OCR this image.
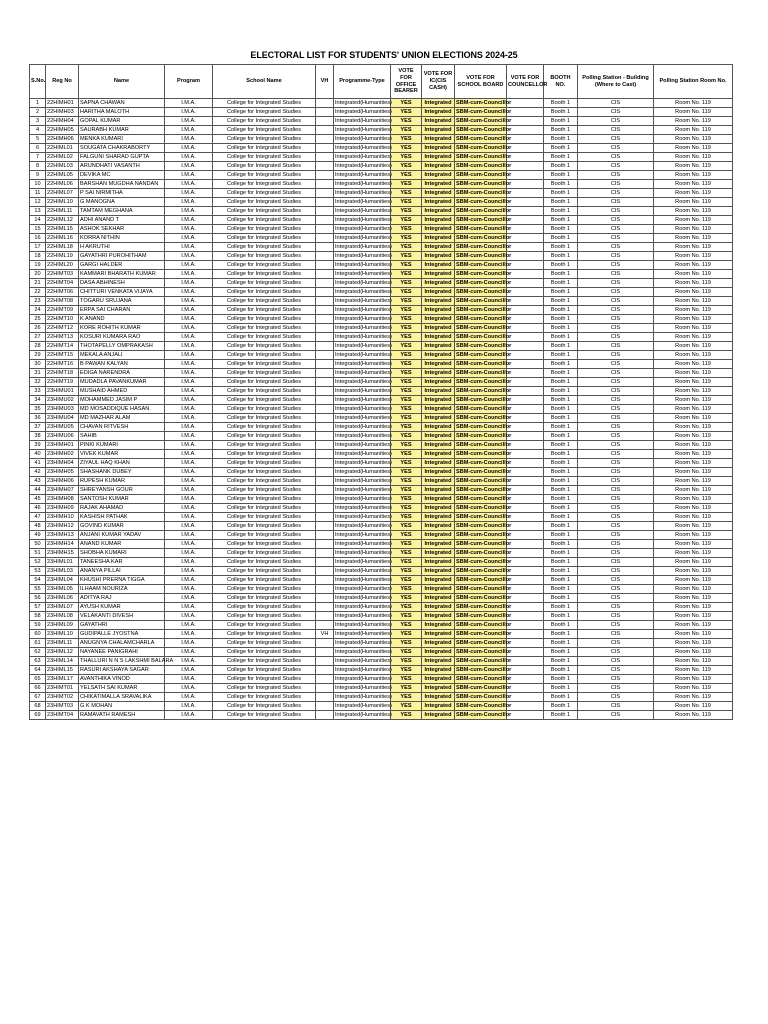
ELECTORAL LIST FOR STUDENTS' UNION ELECTIONS 2024-25
S.No.	Reg No	Name	Program	School Name	VH	Programme-Type	VOTE FOR OFFICE BEARER	VOTE FOR IC(CIS CASH)	VOTE FOR SCHOOL BOARD	VOTE FOR COUNCELLOR	BOOTH NO.	Polling Station - Building (Where to Cast)	Polling Station Room No.
1	22HIMH01	SAPNA CHAWAN	I.M.A.	College for Integrated Studies		Integrated(Humanities)	YES	Integrated	SBM-cum-Councillor		Booth 1	CIS	Room No. 119
2	22HIMH03	HARITHA MALOTH	I.M.A.	College for Integrated Studies		Integrated(Humanities)	YES	Integrated	SBM-cum-Councillor		Booth 1	CIS	Room No. 119
3	22HIMH04	GOPAL KUMAR	I.M.A.	College for Integrated Studies		Integrated(Humanities)	YES	Integrated	SBM-cum-Councillor		Booth 1	CIS	Room No. 119
4	22HIMH05	SAURABH KUMAR	I.M.A.	College for Integrated Studies		Integrated(Humanities)	YES	Integrated	SBM-cum-Councillor		Booth 1	CIS	Room No. 119
5	22HIMH06	MENKA KUMARI	I.M.A.	College for Integrated Studies		Integrated(Humanities)	YES	Integrated	SBM-cum-Councillor		Booth 1	CIS	Room No. 119
6	22HIML01	SOUGATA CHAKRABORTY	I.M.A.	College for Integrated Studies		Integrated(Humanities)	YES	Integrated	SBM-cum-Councillor		Booth 1	CIS	Room No. 119
7	22HIML02	FALGUNI SHARAD GUPTA	I.M.A.	College for Integrated Studies		Integrated(Humanities)	YES	Integrated	SBM-cum-Councillor		Booth 1	CIS	Room No. 119
8	22HIML03	ARUNDHATI VASANTH	I.M.A.	College for Integrated Studies		Integrated(Humanities)	YES	Integrated	SBM-cum-Councillor		Booth 1	CIS	Room No. 119
9	22HIML05	DEVIKA MC	I.M.A.	College for Integrated Studies		Integrated(Humanities)	YES	Integrated	SBM-cum-Councillor		Booth 1	CIS	Room No. 119
10	22HIML06	BARSHAN MUGDHA NANDAN	I.M.A.	College for Integrated Studies		Integrated(Humanities)	YES	Integrated	SBM-cum-Councillor		Booth 1	CIS	Room No. 119
11	22HIML07	P SAI NIRMITHA	I.M.A.	College for Integrated Studies		Integrated(Humanities)	YES	Integrated	SBM-cum-Councillor		Booth 1	CIS	Room No. 119
12	22HIML10	G MANOGNA	I.M.A.	College for Integrated Studies		Integrated(Humanities)	YES	Integrated	SBM-cum-Councillor		Booth 1	CIS	Room No. 119
13	22HIML11	TAMTAM MEGHANA	I.M.A.	College for Integrated Studies		Integrated(Humanities)	YES	Integrated	SBM-cum-Councillor		Booth 1	CIS	Room No. 119
14	22HIML12	ADHI ANAND T	I.M.A.	College for Integrated Studies		Integrated(Humanities)	YES	Integrated	SBM-cum-Councillor		Booth 1	CIS	Room No. 119
15	22HIML15	ASHOK SEKHAR	I.M.A.	College for Integrated Studies		Integrated(Humanities)	YES	Integrated	SBM-cum-Councillor		Booth 1	CIS	Room No. 119
16	22HIML16	KORRA NITHIN	I.M.A.	College for Integrated Studies		Integrated(Humanities)	YES	Integrated	SBM-cum-Councillor		Booth 1	CIS	Room No. 119
17	22HIML18	H AKRUTHI	I.M.A.	College for Integrated Studies		Integrated(Humanities)	YES	Integrated	SBM-cum-Councillor		Booth 1	CIS	Room No. 119
18	22HIML19	GAYATHRI PUROHITHAM	I.M.A.	College for Integrated Studies		Integrated(Humanities)	YES	Integrated	SBM-cum-Councillor		Booth 1	CIS	Room No. 119
19	22HIML20	GARGI HALDER	I.M.A.	College for Integrated Studies		Integrated(Humanities)	YES	Integrated	SBM-cum-Councillor		Booth 1	CIS	Room No. 119
20	22HIMT03	KAMMARI BHARATH KUMAR	I.M.A.	College for Integrated Studies		Integrated(Humanities)	YES	Integrated	SBM-cum-Councillor		Booth 1	CIS	Room No. 119
21	22HIMT04	DASA ABHINESH	I.M.A.	College for Integrated Studies		Integrated(Humanities)	YES	Integrated	SBM-cum-Councillor		Booth 1	CIS	Room No. 119
22	22HIMT06	CHITTURI VENKATA VIJAYA	I.M.A.	College for Integrated Studies		Integrated(Humanities)	YES	Integrated	SBM-cum-Councillor		Booth 1	CIS	Room No. 119
23	22HIMT08	TOGARU SRUJANA	I.M.A.	College for Integrated Studies		Integrated(Humanities)	YES	Integrated	SBM-cum-Councillor		Booth 1	CIS	Room No. 119
24	22HIMT09	ERPA SAI CHARAN	I.M.A.	College for Integrated Studies		Integrated(Humanities)	YES	Integrated	SBM-cum-Councillor		Booth 1	CIS	Room No. 119
25	22HIMT10	K ANAND	I.M.A.	College for Integrated Studies		Integrated(Humanities)	YES	Integrated	SBM-cum-Councillor		Booth 1	CIS	Room No. 119
26	22HIMT12	KORE ROHITH KUMAR	I.M.A.	College for Integrated Studies		Integrated(Humanities)	YES	Integrated	SBM-cum-Councillor		Booth 1	CIS	Room No. 119
27	22HIMT13	KOSURI KUMARA RAO	I.M.A.	College for Integrated Studies		Integrated(Humanities)	YES	Integrated	SBM-cum-Councillor		Booth 1	CIS	Room No. 119
28	22HIMT14	THOTAPELLY OMPRAKASH	I.M.A.	College for Integrated Studies		Integrated(Humanities)	YES	Integrated	SBM-cum-Councillor		Booth 1	CIS	Room No. 119
29	22HIMT15	MEKALA ANJALI	I.M.A.	College for Integrated Studies		Integrated(Humanities)	YES	Integrated	SBM-cum-Councillor		Booth 1	CIS	Room No. 119
30	22HIMT16	B PAWAN KALYAN	I.M.A.	College for Integrated Studies		Integrated(Humanities)	YES	Integrated	SBM-cum-Councillor		Booth 1	CIS	Room No. 119
31	22HIMT18	EDIGA NARENDRA	I.M.A.	College for Integrated Studies		Integrated(Humanities)	YES	Integrated	SBM-cum-Councillor		Booth 1	CIS	Room No. 119
32	22HIMT19	MUDADLA PAVANKUMAR	I.M.A.	College for Integrated Studies		Integrated(Humanities)	YES	Integrated	SBM-cum-Councillor		Booth 1	CIS	Room No. 119
33	23HIMU01	MUSHAID AHMED	I.M.A.	College for Integrated Studies		Integrated(Humanities)	YES	Integrated	SBM-cum-Councillor		Booth 1	CIS	Room No. 119
34	23HIMU02	MOHAMMED JASIM P	I.M.A.	College for Integrated Studies		Integrated(Humanities)	YES	Integrated	SBM-cum-Councillor		Booth 1	CIS	Room No. 119
35	23HIMU03	MD MOSADDIQUE HASAN	I.M.A.	College for Integrated Studies		Integrated(Humanities)	YES	Integrated	SBM-cum-Councillor		Booth 1	CIS	Room No. 119
36	23HIMU04	MD MAZHAR ALAM	I.M.A.	College for Integrated Studies		Integrated(Humanities)	YES	Integrated	SBM-cum-Councillor		Booth 1	CIS	Room No. 119
37	23HIMU05	CHAVAN RITVESH	I.M.A.	College for Integrated Studies		Integrated(Humanities)	YES	Integrated	SBM-cum-Councillor		Booth 1	CIS	Room No. 119
38	23HIMU06	SAHIB	I.M.A.	College for Integrated Studies		Integrated(Humanities)	YES	Integrated	SBM-cum-Councillor		Booth 1	CIS	Room No. 119
39	23HIMH01	PINKI KUMARI	I.M.A.	College for Integrated Studies		Integrated(Humanities)	YES	Integrated	SBM-cum-Councillor		Booth 1	CIS	Room No. 119
40	23HIMH02	VIVEK KUMAR	I.M.A.	College for Integrated Studies		Integrated(Humanities)	YES	Integrated	SBM-cum-Councillor		Booth 1	CIS	Room No. 119
41	23HIMH04	ZIYAUL HAQ KHAN	I.M.A.	College for Integrated Studies		Integrated(Humanities)	YES	Integrated	SBM-cum-Councillor		Booth 1	CIS	Room No. 119
42	23HIMH05	SHASHANK DUBEY	I.M.A.	College for Integrated Studies		Integrated(Humanities)	YES	Integrated	SBM-cum-Councillor		Booth 1	CIS	Room No. 119
43	23HIMH06	RUPESH KUMAR	I.M.A.	College for Integrated Studies		Integrated(Humanities)	YES	Integrated	SBM-cum-Councillor		Booth 1	CIS	Room No. 119
44	23HIMH07	SHREYANSH GOUR	I.M.A.	College for Integrated Studies		Integrated(Humanities)	YES	Integrated	SBM-cum-Councillor		Booth 1	CIS	Room No. 119
45	23HIMH08	SANTOSH KUMAR	I.M.A.	College for Integrated Studies		Integrated(Humanities)	YES	Integrated	SBM-cum-Councillor		Booth 1	CIS	Room No. 119
46	23HIMH09	RAJAK AHAMAD	I.M.A.	College for Integrated Studies		Integrated(Humanities)	YES	Integrated	SBM-cum-Councillor		Booth 1	CIS	Room No. 119
47	23HIMH10	KASHISH PATHAK	I.M.A.	College for Integrated Studies		Integrated(Humanities)	YES	Integrated	SBM-cum-Councillor		Booth 1	CIS	Room No. 119
48	23HIMH12	GOVIND KUMAR	I.M.A.	College for Integrated Studies		Integrated(Humanities)	YES	Integrated	SBM-cum-Councillor		Booth 1	CIS	Room No. 119
49	23HIMH13	ANJANI KUMAR YADAV	I.M.A.	College for Integrated Studies		Integrated(Humanities)	YES	Integrated	SBM-cum-Councillor		Booth 1	CIS	Room No. 119
50	23HIMH14	ANAND KUMAR	I.M.A.	College for Integrated Studies		Integrated(Humanities)	YES	Integrated	SBM-cum-Councillor		Booth 1	CIS	Room No. 119
51	23HIMH15	SHOBHA KUMARI	I.M.A.	College for Integrated Studies		Integrated(Humanities)	YES	Integrated	SBM-cum-Councillor		Booth 1	CIS	Room No. 119
52	23HIML01	TANEESHA KAR	I.M.A.	College for Integrated Studies		Integrated(Humanities)	YES	Integrated	SBM-cum-Councillor		Booth 1	CIS	Room No. 119
53	23HIML03	ANANYA PILLAI	I.M.A.	College for Integrated Studies		Integrated(Humanities)	YES	Integrated	SBM-cum-Councillor		Booth 1	CIS	Room No. 119
54	23HIML04	KHUSHI PRERNA TIGGA	I.M.A.	College for Integrated Studies		Integrated(Humanities)	YES	Integrated	SBM-cum-Councillor		Booth 1	CIS	Room No. 119
55	23HIML05	ILHAAM NOURIZA	I.M.A.	College for Integrated Studies		Integrated(Humanities)	YES	Integrated	SBM-cum-Councillor		Booth 1	CIS	Room No. 119
56	23HIML06	ADITYA RAJ	I.M.A.	College for Integrated Studies		Integrated(Humanities)	YES	Integrated	SBM-cum-Councillor		Booth 1	CIS	Room No. 119
57	23HIML07	AYUSH KUMAR	I.M.A.	College for Integrated Studies		Integrated(Humanities)	YES	Integrated	SBM-cum-Councillor		Booth 1	CIS	Room No. 119
58	23HIML08	VELAKANTI DIVESH	I.M.A.	College for Integrated Studies		Integrated(Humanities)	YES	Integrated	SBM-cum-Councillor		Booth 1	CIS	Room No. 119
59	23HIML09	GAYATHRI	I.M.A.	College for Integrated Studies		Integrated(Humanities)	YES	Integrated	SBM-cum-Councillor		Booth 1	CIS	Room No. 119
60	23HIML10	GUDIPALLE JYOSTNA	I.M.A.	College for Integrated Studies	VH	Integrated(Humanities)	YES	Integrated	SBM-cum-Councillor		Booth 1	CIS	Room No. 119
61	23HIML11	ANUGNYA CHALAMCHARLA	I.M.A.	College for Integrated Studies		Integrated(Humanities)	YES	Integrated	SBM-cum-Councillor		Booth 1	CIS	Room No. 119
62	23HIML12	NAYANEE PANIGRAHI	I.M.A.	College for Integrated Studies		Integrated(Humanities)	YES	Integrated	SBM-cum-Councillor		Booth 1	CIS	Room No. 119
63	23HIML14	THALLURI N N S LAKSHMI BALARA	I.M.A.	College for Integrated Studies		Integrated(Humanities)	YES	Integrated	SBM-cum-Councillor		Booth 1	CIS	Room No. 119
64	23HIML15	RASURI AKSHAYA SAGAR	I.M.A.	College for Integrated Studies		Integrated(Humanities)	YES	Integrated	SBM-cum-Councillor		Booth 1	CIS	Room No. 119
65	23HIML17	AVANTHIKA VINOD	I.M.A.	College for Integrated Studies		Integrated(Humanities)	YES	Integrated	SBM-cum-Councillor		Booth 1	CIS	Room No. 119
66	23HIMT01	YELSATH SAI KUMAR	I.M.A.	College for Integrated Studies		Integrated(Humanities)	YES	Integrated	SBM-cum-Councillor		Booth 1	CIS	Room No. 119
67	23HIMT02	CHIKATIMALLA SRAVALIKA	I.M.A.	College for Integrated Studies		Integrated(Humanities)	YES	Integrated	SBM-cum-Councillor		Booth 1	CIS	Room No. 119
68	23HIMT03	G K MOHAN	I.M.A.	College for Integrated Studies		Integrated(Humanities)	YES	Integrated	SBM-cum-Councillor		Booth 1	CIS	Room No. 119
69	23HIMT04	RAMAVATH RAMESH	I.M.A.	College for Integrated Studies		Integrated(Humanities)	YES	Integrated	SBM-cum-Councillor		Booth 1	CIS	Room No. 119
